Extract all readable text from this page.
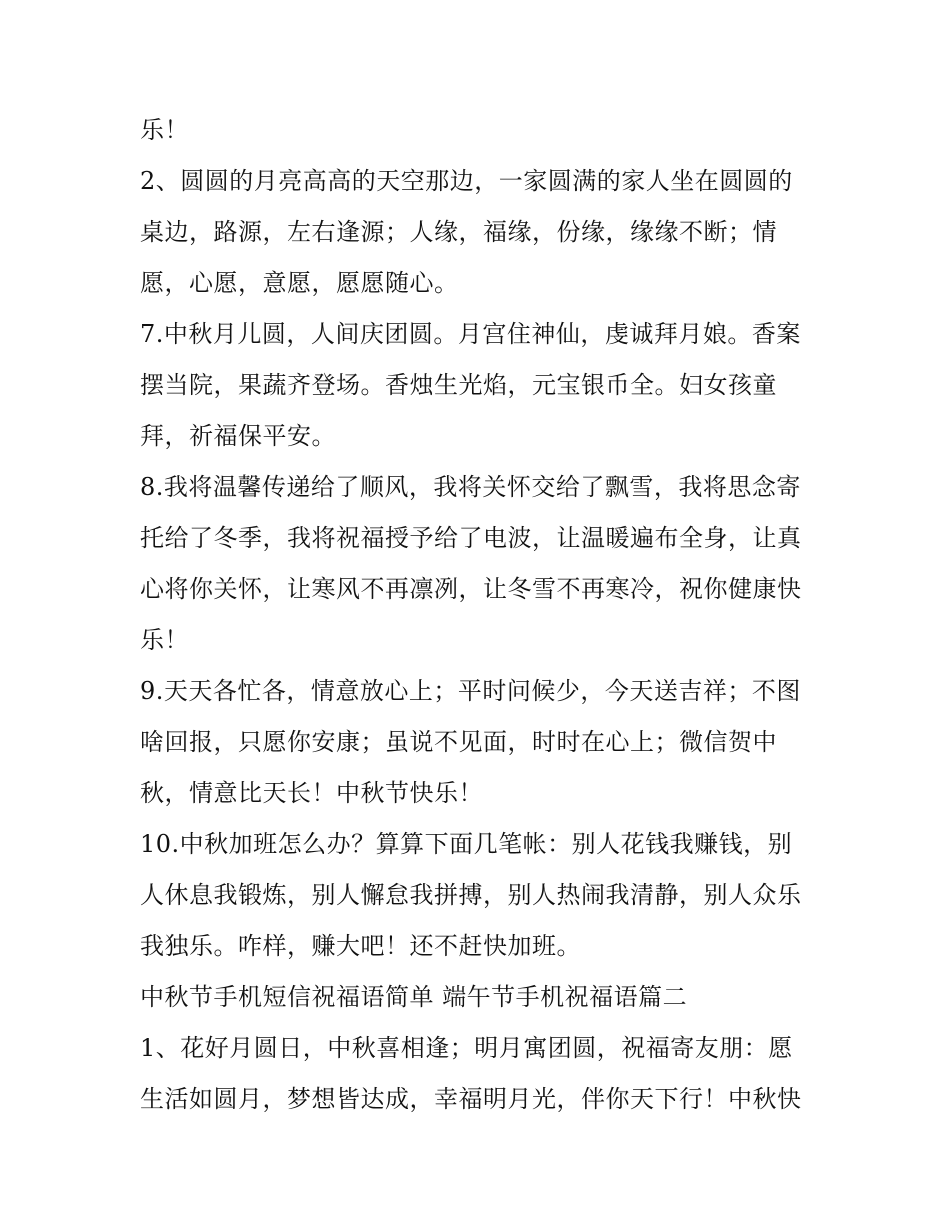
乐！
2、圆圆的月亮高高的天空那边，一家圆满的家人坐在圆圆的
桌边，路源，左右逢源；人缘，福缘，份缘，缘缘不断；情
愿，心愿，意愿，愿愿随心。
7.中秋月儿圆，人间庆团圆。月宫住神仙，虔诚拜月娘。香案
摆当院，果蔬齐登场。香烛生光焰，元宝银币全。妇女孩童
拜，祈福保平安。
8.我将温馨传递给了顺风，我将关怀交给了飘雪，我将思念寄
托给了冬季，我将祝福授予给了电波，让温暖遍布全身，让真
心将你关怀，让寒风不再凛冽，让冬雪不再寒冷，祝你健康快
乐！
9.天天各忙各，情意放心上；平时问候少，今天送吉祥；不图
啥回报，只愿你安康；虽说不见面，时时在心上；微信贺中
秋，情意比天长！中秋节快乐！
10.中秋加班怎么办？算算下面几笔帐：别人花钱我赚钱，别
人休息我锻炼，别人懈怠我拼搏，别人热闹我清静，别人众乐
我独乐。咋样，赚大吧！还不赶快加班。
中秋节手机短信祝福语简单 端午节手机祝福语篇二
1、花好月圆日，中秋喜相逢；明月寓团圆，祝福寄友朋：愿
生活如圆月，梦想皆达成，幸福明月光，伴你天下行！中秋快
